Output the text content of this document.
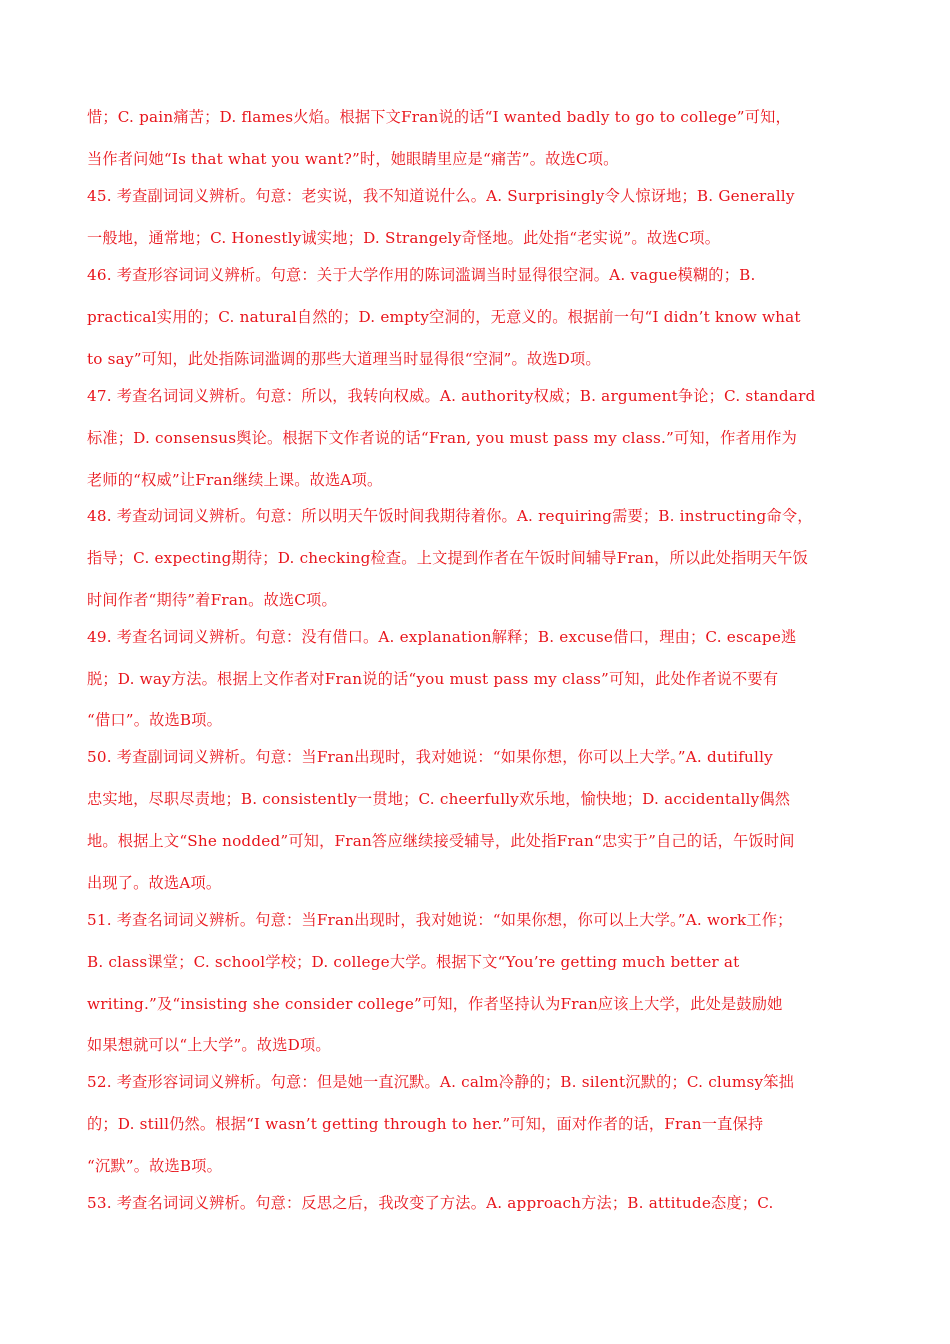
惜；C. pain痛苦；D. flames火焰。根据下文Fran说的话“I wanted badly to go to college”可知，
当作者问她“Is that what you want?”时，她眼睛里应是“痛苦”。故选C项。
45. 考查副词词义辨析。句意：老实说，我不知道说什么。A. Surprisingly令人惊讶地；B. Generally
一般地，通常地；C. Honestly诚实地；D. Strangely奇怪地。此处指“老实说”。故选C项。
46. 考查形容词词义辨析。句意：关于大学作用的陈词滥调当时显得很空洞。A. vague模糊的；B.
practical实用的；C. natural自然的；D. empty空洞的，无意义的。根据前一句“I didn’t know what
to say”可知，此处指陈词滥调的那些大道理当时显得很“空洞”。故选D项。
47. 考查名词词义辨析。句意：所以，我转向权威。A. authority权威；B. argument争论；C. standard
标准；D. consensus舆论。根据下文作者说的话“Fran, you must pass my class.”可知，作者用作为
老师的“权威”让Fran继续上课。故选A项。
48. 考查动词词义辨析。句意：所以明天午饭时间我期待着你。A. requiring需要；B. instructing命令，
指导；C. expecting期待；D. checking检查。上文提到作者在午饭时间辅导Fran，所以此处指明天午饭
时间作者“期待”着Fran。故选C项。
49. 考查名词词义辨析。句意：没有借口。A. explanation解释；B. excuse借口，理由；C. escape逃
脱；D. way方法。根据上文作者对Fran说的话“you must pass my class”可知，此处作者说不要有
“借口”。故选B项。
50. 考查副词词义辨析。句意：当Fran出现时，我对她说：“如果你想，你可以上大学。”A. dutifully
忠实地，尽职尽责地；B. consistently一贯地；C. cheerfully欢乐地，愉快地；D. accidentally偶然
地。根据上文“She nodded”可知，Fran答应继续接受辅导，此处指Fran“忠实于”自己的话，午饭时间
出现了。故选A项。
51. 考查名词词义辨析。句意：当Fran出现时，我对她说：“如果你想，你可以上大学。”A. work工作；
B. class课堂；C. school学校；D. college大学。根据下文“You’re getting much better at
writing.”及“insisting she consider college”可知，作者坚持认为Fran应该上大学，此处是鼓励她
如果想就可以“上大学”。故选D项。
52. 考查形容词词义辨析。句意：但是她一直沉默。A. calm冷静的；B. silent沉默的；C. clumsy笨拙
的；D. still仍然。根据“I wasn’t getting through to her.”可知，面对作者的话，Fran一直保持
“沉默”。故选B项。
53. 考查名词词义辨析。句意：反思之后，我改变了方法。A. approach方法；B. attitude态度；C.
